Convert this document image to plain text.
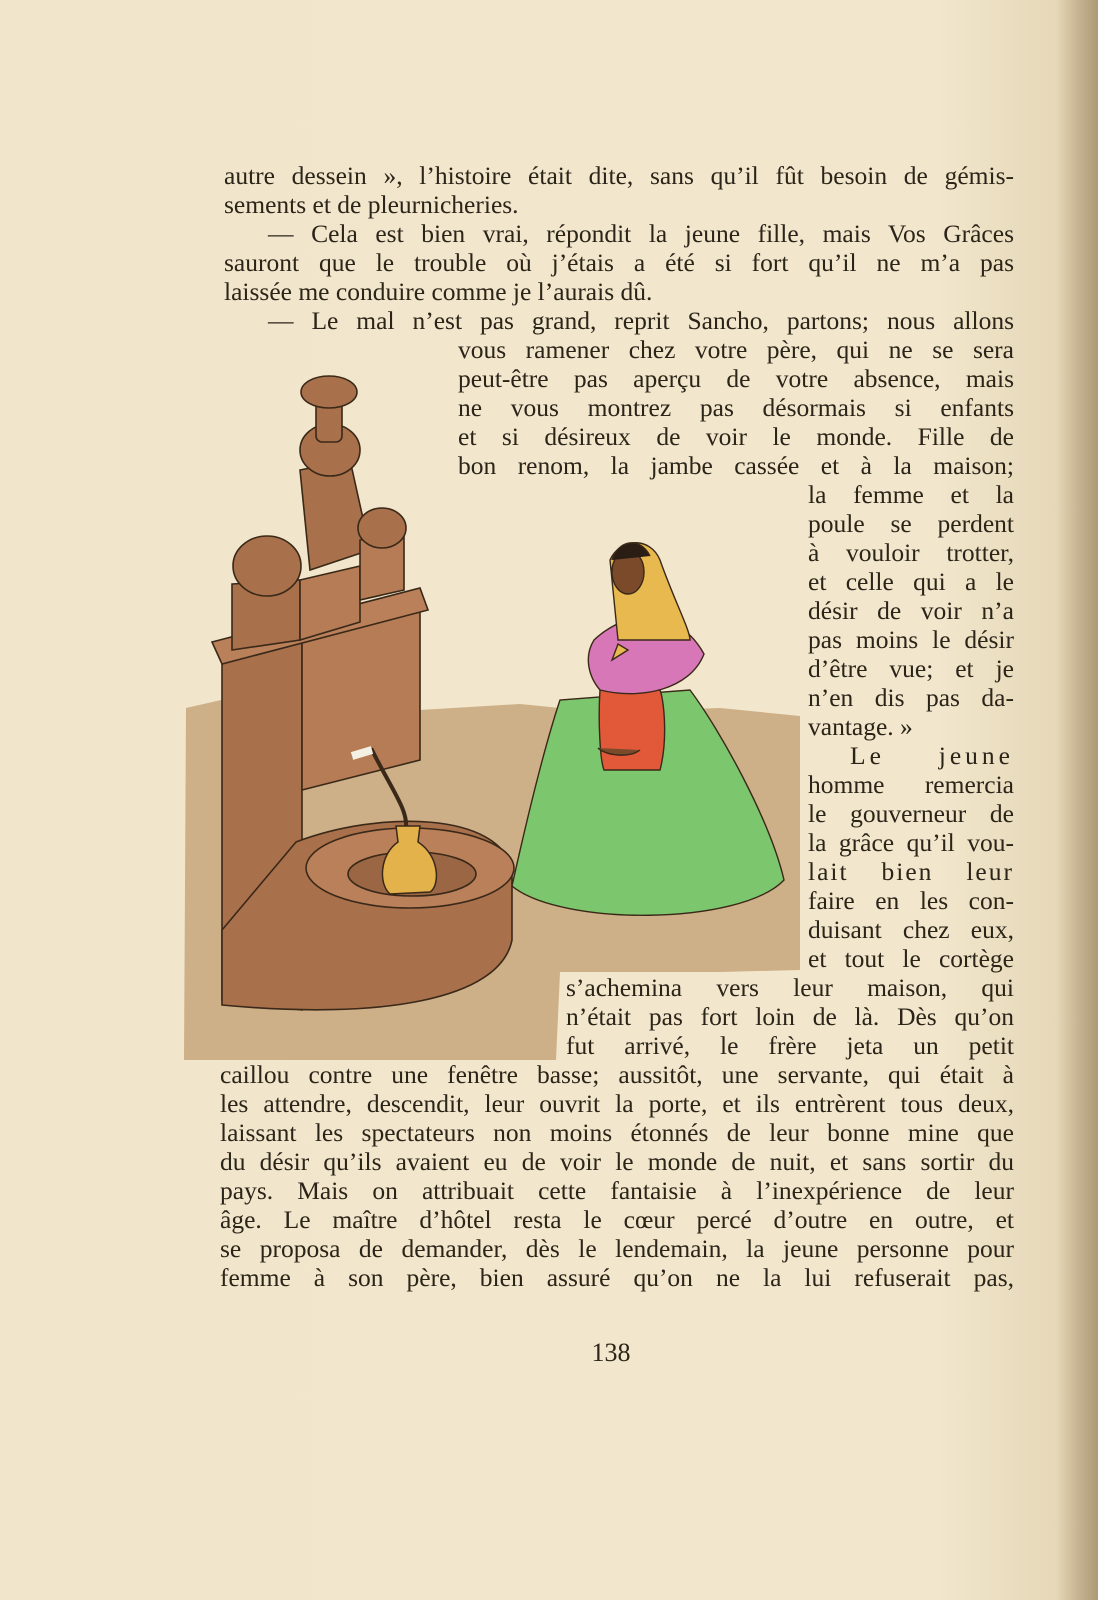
autre dessein », l’histoire était dite, sans qu’il fût besoin de gémis-
sements et de pleurnicheries.
— Cela est bien vrai, répondit la jeune fille, mais Vos Grâces
sauront que le trouble où j’étais a été si fort qu’il ne m’a pas
laissée me conduire comme je l’aurais dû.
— Le mal n’est pas grand, reprit Sancho, partons; nous allons
vous ramener chez votre père, qui ne se sera
peut-être pas aperçu de votre absence, mais
ne vous montrez pas désormais si enfants
et si désireux de voir le monde. Fille de
bon renom, la jambe cassée et à la maison;
la femme et la
poule se perdent
à vouloir trotter,
et celle qui a le
désir de voir n’a
pas moins le désir
d’être vue; et je
n’en dis pas da-
vantage. »
Le jeune
homme remercia
le gouverneur de
la grâce qu’il vou-
lait bien leur
faire en les con-
duisant chez eux,
et tout le cortège
s’achemina vers leur maison, qui
n’était pas fort loin de là. Dès qu’on
fut arrivé, le frère jeta un petit
caillou contre une fenêtre basse; aussitôt, une servante, qui était à
les attendre, descendit, leur ouvrit la porte, et ils entrèrent tous deux,
laissant les spectateurs non moins étonnés de leur bonne mine que
du désir qu’ils avaient eu de voir le monde de nuit, et sans sortir du
pays. Mais on attribuait cette fantaisie à l’inexpérience de leur
âge. Le maître d’hôtel resta le cœur percé d’outre en outre, et
se proposa de demander, dès le lendemain, la jeune personne pour
femme à son père, bien assuré qu’on ne la lui refuserait pas,
138
